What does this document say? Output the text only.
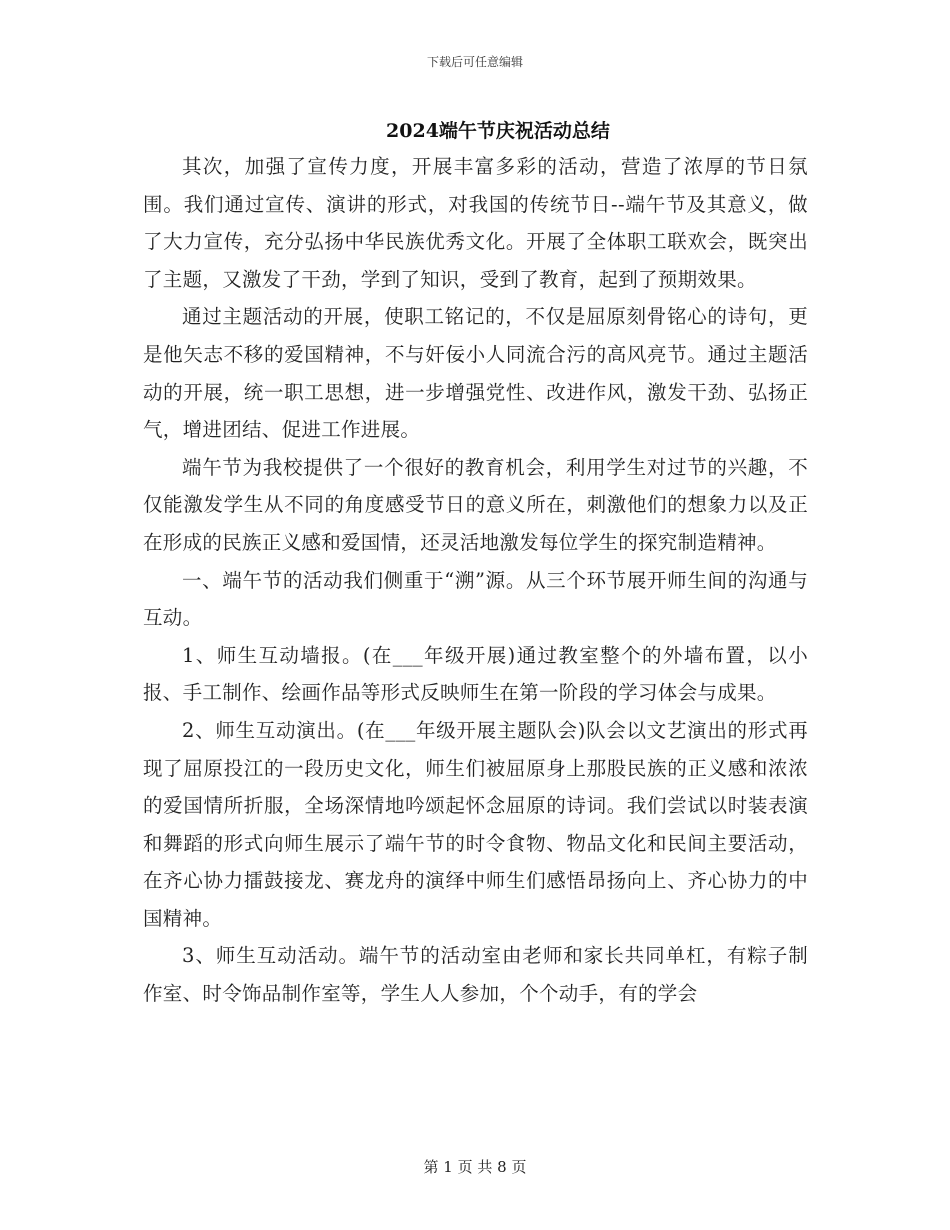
下载后可任意编辑
2024端午节庆祝活动总结

其次，加强了宣传力度，开展丰富多彩的活动，营造了浓厚的节日氛围。我们通过宣传、演讲的形式，对我国的传统节日--端午节及其意义，做了大力宣传，充分弘扬中华民族优秀文化。开展了全体职工联欢会，既突出了主题，又激发了干劲，学到了知识，受到了教育，起到了预期效果。

通过主题活动的开展，使职工铭记的，不仅是屈原刻骨铭心的诗句，更是他矢志不移的爱国精神，不与奸佞小人同流合污的高风亮节。通过主题活动的开展，统一职工思想，进一步增强党性、改进作风，激发干劲、弘扬正气，增进团结、促进工作进展。

端午节为我校提供了一个很好的教育机会，利用学生对过节的兴趣，不仅能激发学生从不同的角度感受节日的意义所在，刺激他们的想象力以及正在形成的民族正义感和爱国情，还灵活地激发每位学生的探究制造精神。

一、端午节的活动我们侧重于“溯”源。从三个环节展开师生间的沟通与互动。

1、师生互动墙报。(在___年级开展)通过教室整个的外墙布置，以小报、手工制作、绘画作品等形式反映师生在第一阶段的学习体会与成果。

2、师生互动演出。(在___年级开展主题队会)队会以文艺演出的形式再现了屈原投江的一段历史文化，师生们被屈原身上那股民族的正义感和浓浓的爱国情所折服，全场深情地吟颂起怀念屈原的诗词。我们尝试以时装表演和舞蹈的形式向师生展示了端午节的时令食物、物品文化和民间主要活动，在齐心协力擂鼓接龙、赛龙舟的演绎中师生们感悟昂扬向上、齐心协力的中国精神。

3、师生互动活动。端午节的活动室由老师和家长共同单杠，有粽子制作室、时令饰品制作室等，学生人人参加，个个动手，有的学会

第 1 页 共 8 页
